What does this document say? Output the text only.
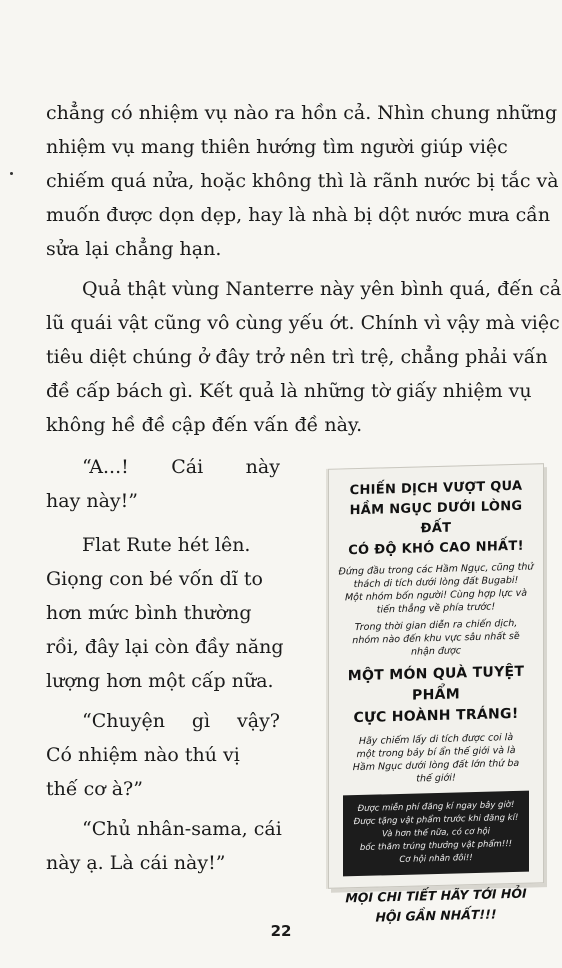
chẳng có nhiệm vụ nào ra hồn cả. Nhìn chung những

nhiệm vụ mang thiên hướng tìm người giúp việc

chiếm quá nửa, hoặc không thì là rãnh nước bị tắc và

muốn được dọn dẹp, hay là nhà bị dột nước mưa cần

sửa lại chẳng hạn.

Quả thật vùng Nanterre này yên bình quá, đến cả

lũ quái vật cũng vô cùng yếu ớt. Chính vì vậy mà việc

tiêu diệt chúng ở đây trở nên trì trệ, chẳng phải vấn

đề cấp bách gì. Kết quả là những tờ giấy nhiệm vụ

không hề đề cập đến vấn đề này.

“A...! Cái này
hay này!”
Flat Rute hét lên.
Giọng con bé vốn dĩ to
hơn mức bình thường
rồi, đây lại còn đầy năng
lượng hơn một cấp nữa.
“Chuyện gì vậy?
Có nhiệm nào thú vị
thế cơ à?”
“Chủ nhân-sama, cái
này ạ. Là cái này!”
CHIẾN DỊCH VƯỢT QUA
HẦM NGỤC DƯỚI LÒNG ĐẤT
CÓ ĐỘ KHÓ CAO NHẤT!
Đứng đầu trong các Hầm Ngục, cũng thử
thách di tích dưới lòng đất Bugabi!
Một nhóm bốn người! Cùng hợp lực và
tiến thẳng về phía trước!
Trong thời gian diễn ra chiến dịch,
nhóm nào đến khu vực sâu nhất sẽ
nhận được
MỘT MÓN QUÀ TUYỆT PHẨM
CỰC HOÀNH TRÁNG!
Hãy chiếm lấy di tích được coi là
một trong bảy bí ẩn thế giới và là
Hầm Ngục dưới lòng đất lớn thứ ba
thế giới!
Được miễn phí đăng kí ngay bây giờ!
Được tặng vật phẩm trước khi đăng kí!
Và hơn thế nữa, có cơ hội
bốc thăm trúng thưởng vật phẩm!!!
Cơ hội nhân đôi!!
MỌI CHI TIẾT HÃY TỚI HỎI
HỘI GẦN NHẤT!!!
22
